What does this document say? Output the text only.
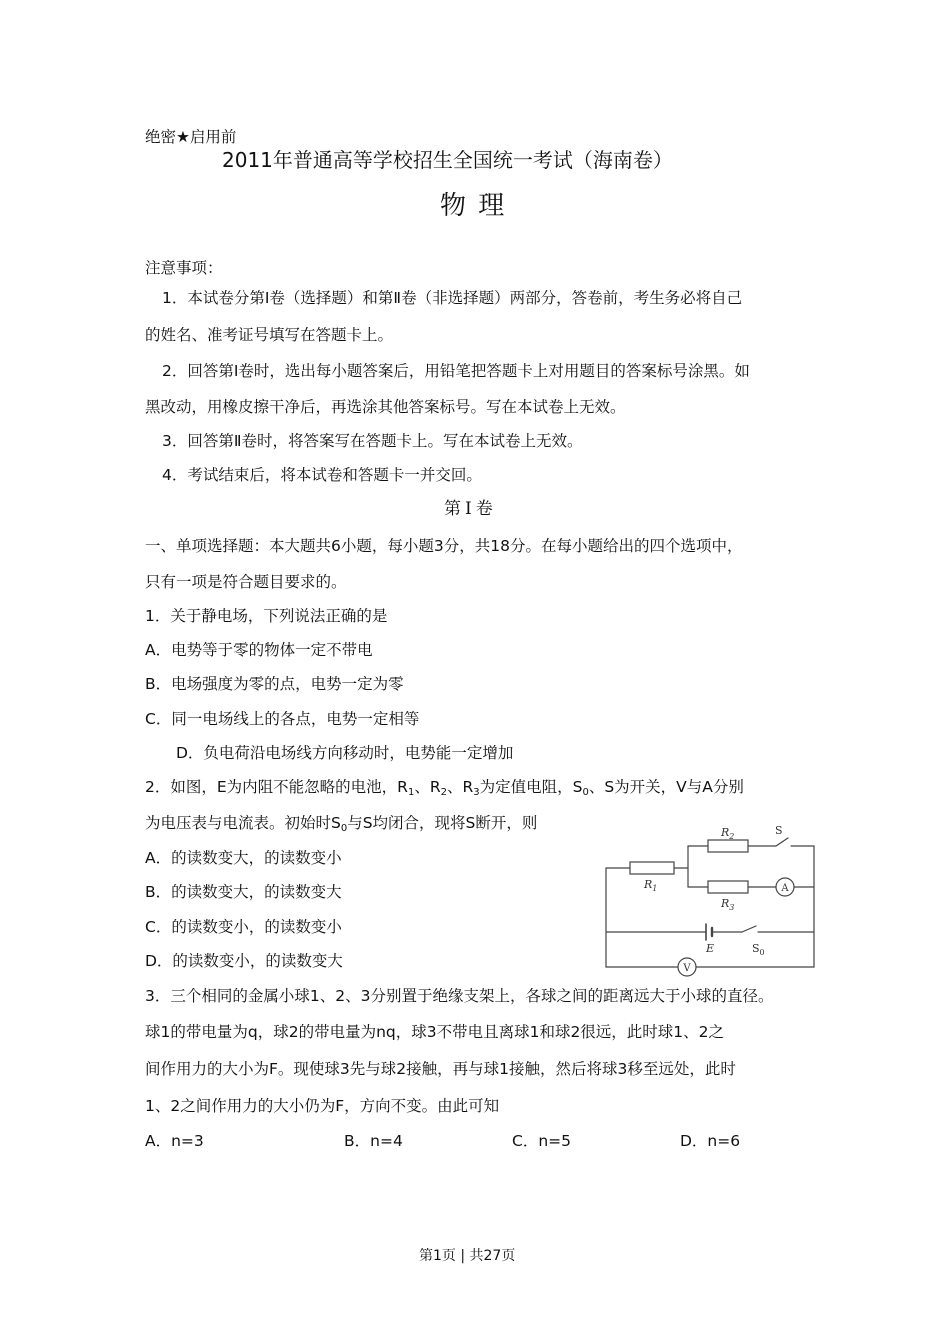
绝密★启用前
2011年普通高等学校招生全国统一考试（海南卷）
物 理
注意事项：
1．本试卷分第Ⅰ卷（选择题）和第Ⅱ卷（非选择题）两部分，答卷前，考生务必将自己
的姓名、准考证号填写在答题卡上。
2．回答第Ⅰ卷时，选出每小题答案后，用铅笔把答题卡上对用题目的答案标号涂黑。如
黑改动，用橡皮擦干净后，再选涂其他答案标号。写在本试卷上无效。
3．回答第Ⅱ卷时，将答案写在答题卡上。写在本试卷上无效。
4．考试结束后，将本试卷和答题卡一并交回。
第Ⅰ卷
一、单项选择题：本大题共6小题，每小题3分，共18分。在每小题给出的四个选项中，
只有一项是符合题目要求的。
1．关于静电场，下列说法正确的是
A．电势等于零的物体一定不带电
B．电场强度为零的点，电势一定为零
C．同一电场线上的各点，电势一定相等
D．负电荷沿电场线方向移动时，电势能一定增加
2．如图，E为内阻不能忽略的电池，$R_1$、$R_2$、$R_3$为定值电阻，$S_0$、S为开关，V与A分别
为电压表与电流表。初始时$S_0$与S均闭合，现将S断开，则
A．的读数变大，的读数变小
B．的读数变大，的读数变大
C．的读数变小，的读数变小
D．的读数变小，的读数变大
$R_2$	S
$R_1$	A
$R_3$
E	$S_0$
V
3．三个相同的金属小球1、2、3分别置于绝缘支架上，各球之间的距离远大于小球的直径。
球1的带电量为q，球2的带电量为nq，球3不带电且离球1和球2很远，此时球1、2之
间作用力的大小为F。现使球3先与球2接触，再与球1接触，然后将球3移至远处，此时
1、2之间作用力的大小仍为F，方向不变。由此可知
A．n=3	B．n=4	C．n=5	D．n=6
第1页 | 共27页
